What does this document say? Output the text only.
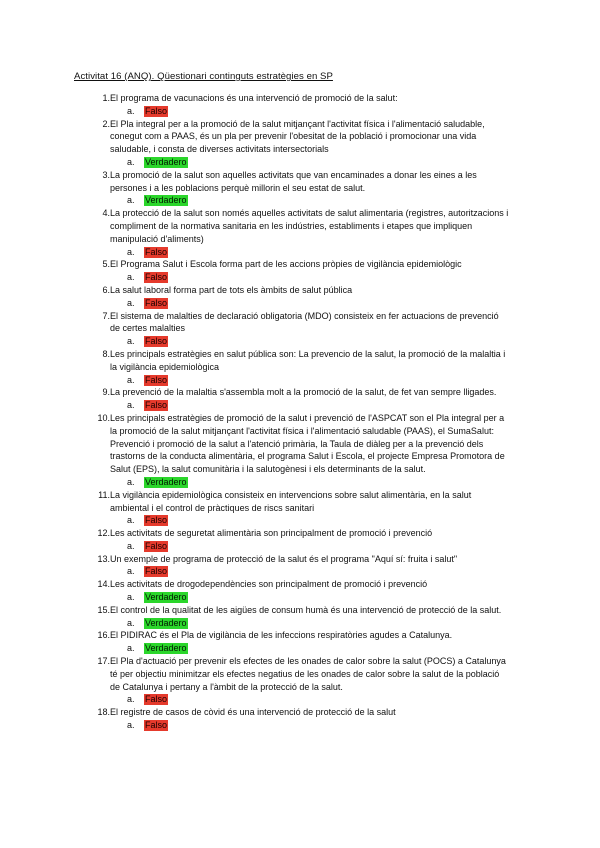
Activitat 16 (ANQ). Qüestionari continguts estratègies en SP
1. El programa de vacunacions és una intervenció de promoció de la salut:
a. Falso
2. El Pla integral per a la promoció de la salut mitjançant l'activitat física i l'alimentació saludable, conegut com a PAAS, és un pla per prevenir l'obesitat de la població i promocionar una vida saludable, i consta de diverses activitats intersectorials
a. Verdadero
3. La promoció de la salut son aquelles activitats que van encaminades a donar les eines a les persones i a les poblacions perquè millorin el seu estat de salut.
a. Verdadero
4. La protecció de la salut son només aquelles activitats de salut alimentaria (registres, autoritzacions i compliment de la normativa sanitaria en les indústries, establiments i etapes que impliquen manipulació d'aliments)
a. Falso
5. El Programa Salut i Escola forma part de les accions pròpies de vigilància epidemiològic
a. Falso
6. La salut laboral forma part de tots els àmbits de salut pública
a. Falso
7. El sistema de malalties de declaració obligatoria (MDO) consisteix en fer actuacions de prevenció de certes malalties
a. Falso
8. Les principals estratègies en salut pública son: La prevencio de la salut, la promoció de la malaltia i la vigilància epidemiològica
a. Falso
9. La prevenció de la malaltia s'assembla molt a la promoció de la salut, de fet van sempre lligades.
a. Falso
10. Les principals estratègies de promoció de la salut i prevenció de l'ASPCAT son el Pla integral per a la promoció de la salut mitjançant l'activitat física i l'alimentació saludable (PAAS), el SumaSalut: Prevenció i promoció de la salut a l'atenció primària, la Taula de diàleg per a la prevenció dels trastorns de la conducta alimentària, el programa Salut i Escola, el projecte Empresa Promotora de Salut (EPS), la salut comunitària i la salutogènesi i els determinants de la salut.
a. Verdadero
11. La vigilància epidemiològica consisteix en intervencions sobre salut alimentària, en la salut ambiental i el control de pràctiques de riscs sanitari
a. Falso
12. Les activitats de seguretat alimentària son principalment de promoció i prevenció
a. Falso
13. Un exemple de programa de protecció de la salut és el programa "Aquí sí: fruita i salut"
a. Falso
14. Les activitats de drogodependències son principalment de promoció i prevenció
a. Verdadero
15. El control de la qualitat de les aigües de consum humà és una intervenció de protecció de la salut.
a. Verdadero
16. El PIDIRAC és el Pla de vigilància de les infeccions respiratòries agudes a Catalunya.
a. Verdadero
17. El Pla d'actuació per prevenir els efectes de les onades de calor sobre la salut (POCS) a Catalunya té per objectiu minimitzar els efectes negatius de les onades de calor sobre la salut de la població de Catalunya i pertany a l'àmbit de la protecció de la salut.
a. Falso
18. El registre de casos de còvid és una intervenció de protecció de la salut
a. Falso
